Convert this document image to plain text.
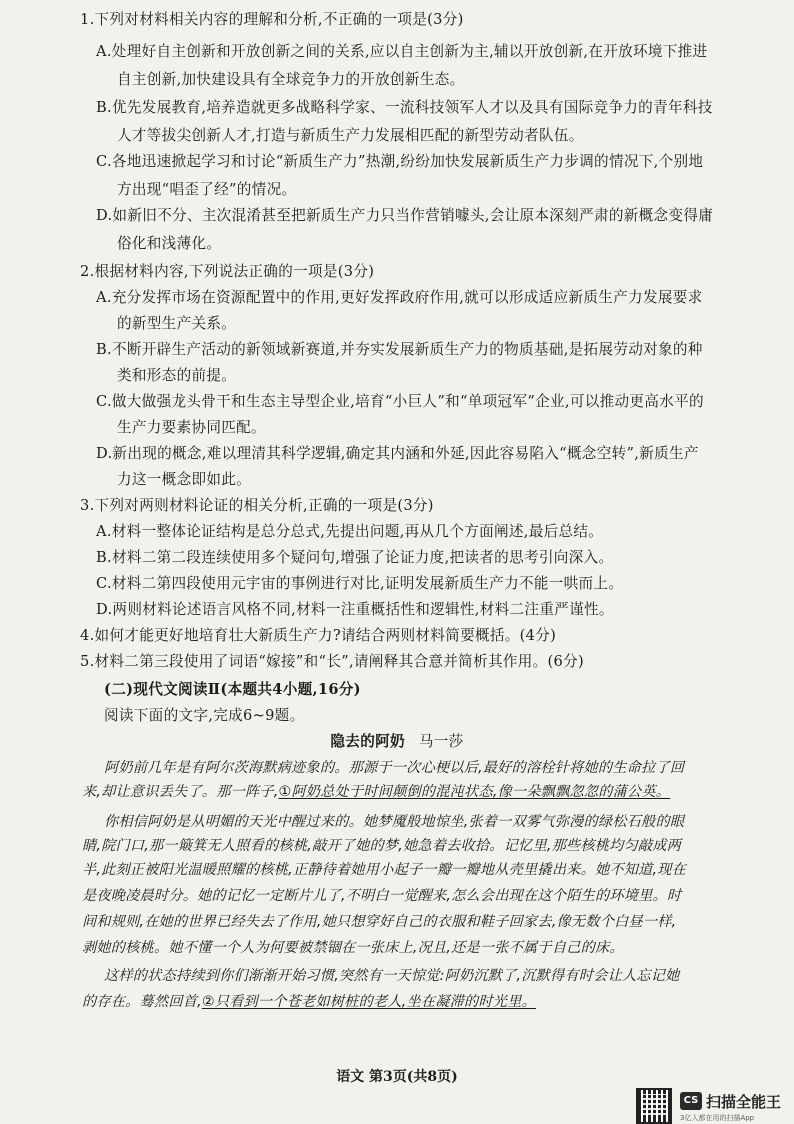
1.下列对材料相关内容的理解和分析,不正确的一项是(3分)
A.处理好自主创新和开放创新之间的关系,应以自主创新为主,辅以开放创新,在开放环境下推进
自主创新,加快建设具有全球竞争力的开放创新生态。
B.优先发展教育,培养造就更多战略科学家、一流科技领军人才以及具有国际竞争力的青年科技
人才等拔尖创新人才,打造与新质生产力发展相匹配的新型劳动者队伍。
C.各地迅速掀起学习和讨论“新质生产力”热潮,纷纷加快发展新质生产力步调的情况下,个别地
方出现“唱歪了经”的情况。
D.如新旧不分、主次混淆甚至把新质生产力只当作营销噱头,会让原本深刻严肃的新概念变得庸
俗化和浅薄化。
2.根据材料内容,下列说法正确的一项是(3分)
A.充分发挥市场在资源配置中的作用,更好发挥政府作用,就可以形成适应新质生产力发展要求
的新型生产关系。
B.不断开辟生产活动的新领域新赛道,并夯实发展新质生产力的物质基础,是拓展劳动对象的种
类和形态的前提。
C.做大做强龙头骨干和生态主导型企业,培育“小巨人”和“单项冠军”企业,可以推动更高水平的
生产力要素协同匹配。
D.新出现的概念,难以理清其科学逻辑,确定其内涵和外延,因此容易陷入“概念空转”,新质生产
力这一概念即如此。
3.下列对两则材料论证的相关分析,正确的一项是(3分)
A.材料一整体论证结构是总分总式,先提出问题,再从几个方面阐述,最后总结。
B.材料二第二段连续使用多个疑问句,增强了论证力度,把读者的思考引向深入。
C.材料二第四段使用元宇宙的事例进行对比,证明发展新质生产力不能一哄而上。
D.两则材料论述语言风格不同,材料一注重概括性和逻辑性,材料二注重严谨性。
4.如何才能更好地培育壮大新质生产力?请结合两则材料简要概括。(4分)
5.材料二第三段使用了词语“嫁接”和“长”,请阐释其合意并简析其作用。(6分)
(二)现代文阅读Ⅱ(本题共4小题,16分)
阅读下面的文字,完成6~9题。
隐去的阿奶 马一莎
阿奶前几年是有阿尔茨海默病迹象的。那源于一次心梗以后,最好的溶栓针将她的生命拉了回
来,却让意识丢失了。那一阵子,①阿奶总处于时间颠倒的混沌状态,像一朵飘飘忽忽的蒲公英。
你相信阿奶是从明媚的天光中醒过来的。她梦魇般地惊坐,张着一双雾气弥漫的绿松石般的眼
睛,院门口,那一簸箕无人照看的核桃,敲开了她的梦,她急着去收拾。记忆里,那些核桃均匀敲成两
半,此刻正被阳光温暖照耀的核桃,正静待着她用小起子一瓣一瓣地从壳里撬出来。她不知道,现在
是夜晚凌晨时分。她的记忆一定断片儿了,不明白一觉醒来,怎么会出现在这个陌生的环境里。时
间和规则,在她的世界已经失去了作用,她只想穿好自己的衣服和鞋子回家去,像无数个白昼一样,
剥她的核桃。她不懂一个人为何要被禁锢在一张床上,况且,还是一张不属于自己的床。
这样的状态持续到你们渐渐开始习惯,突然有一天惊觉:阿奶沉默了,沉默得有时会让人忘记她
的存在。蓦然回首,②只看到一个苍老如树桩的老人,坐在凝滞的时光里。
语文 第3页(共8页)
CS 扫描全能王
3亿人都在用的扫描App
